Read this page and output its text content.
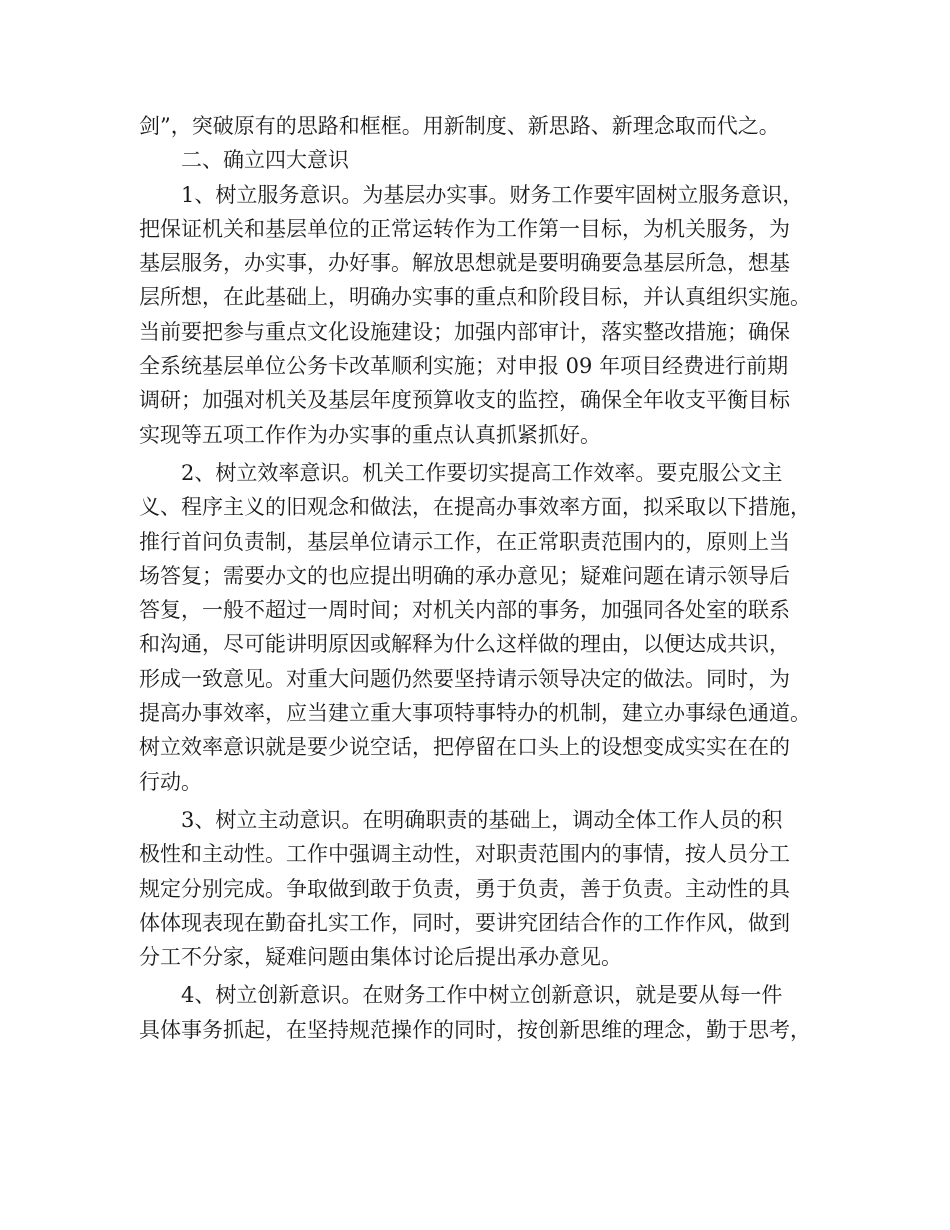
剑”，突破原有的思路和框框。用新制度、新思路、新理念取而代之。
　　二、确立四大意识
　　1、树立服务意识。为基层办实事。财务工作要牢固树立服务意识，
把保证机关和基层单位的正常运转作为工作第一目标，为机关服务，为
基层服务，办实事，办好事。解放思想就是要明确要急基层所急，想基
层所想，在此基础上，明确办实事的重点和阶段目标，并认真组织实施。
当前要把参与重点文化设施建设；加强内部审计，落实整改措施；确保
全系统基层单位公务卡改革顺利实施；对申报 09 年项目经费进行前期
调研；加强对机关及基层年度预算收支的监控，确保全年收支平衡目标
实现等五项工作作为办实事的重点认真抓紧抓好。
　　2、树立效率意识。机关工作要切实提高工作效率。要克服公文主
义、程序主义的旧观念和做法，在提高办事效率方面，拟采取以下措施，
推行首问负责制，基层单位请示工作，在正常职责范围内的，原则上当
场答复；需要办文的也应提出明确的承办意见；疑难问题在请示领导后
答复，一般不超过一周时间；对机关内部的事务，加强同各处室的联系
和沟通，尽可能讲明原因或解释为什么这样做的理由，以便达成共识，
形成一致意见。对重大问题仍然要坚持请示领导决定的做法。同时，为
提高办事效率，应当建立重大事项特事特办的机制，建立办事绿色通道。
树立效率意识就是要少说空话，把停留在口头上的设想变成实实在在的
行动。
　　3、树立主动意识。在明确职责的基础上，调动全体工作人员的积
极性和主动性。工作中强调主动性，对职责范围内的事情，按人员分工
规定分别完成。争取做到敢于负责，勇于负责，善于负责。主动性的具
体体现表现在勤奋扎实工作，同时，要讲究团结合作的工作作风，做到
分工不分家，疑难问题由集体讨论后提出承办意见。
　　4、树立创新意识。在财务工作中树立创新意识，就是要从每一件
具体事务抓起，在坚持规范操作的同时，按创新思维的理念，勤于思考，
